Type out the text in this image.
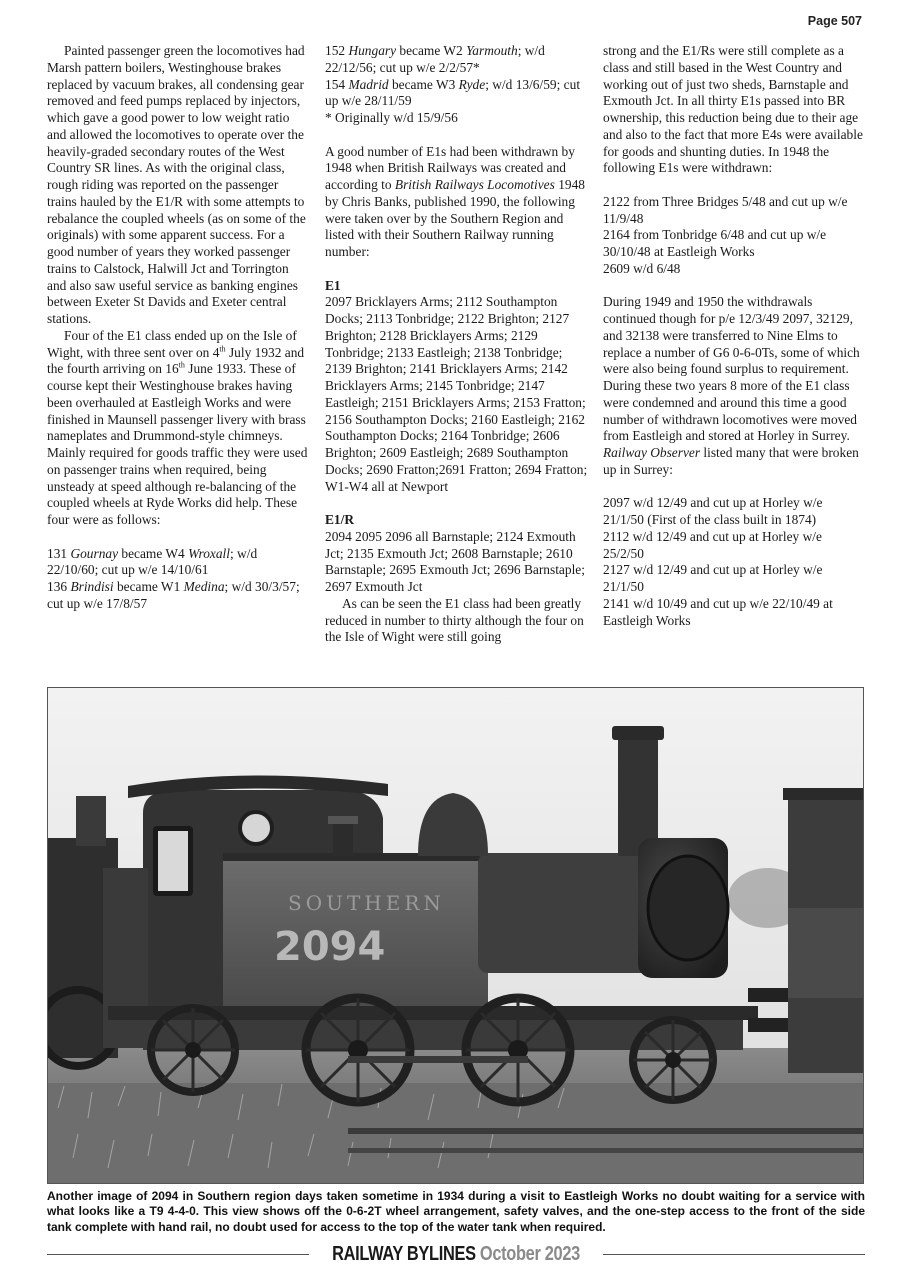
Page 507

Painted passenger green the locomotives had Marsh pattern boilers, Westinghouse brakes replaced by vacuum brakes, all condensing gear removed and feed pumps replaced by injectors, which gave a good power to low weight ratio and allowed the locomotives to operate over the heavily-graded secondary routes of the West Country SR lines. As with the original class, rough riding was reported on the passenger trains hauled by the E1/R with some attempts to rebalance the coupled wheels (as on some of the originals) with some apparent success. For a good number of years they worked passenger trains to Calstock, Halwill Jct and Torrington and also saw useful service as banking engines between Exeter St Davids and Exeter central stations.

Four of the E1 class ended up on the Isle of Wight, with three sent over on 4th July 1932 and the fourth arriving on 16th June 1933. These of course kept their Westinghouse brakes having been overhauled at Eastleigh Works and were finished in Maunsell passenger livery with brass nameplates and Drummond-style chimneys. Mainly required for goods traffic they were used on passenger trains when required, being unsteady at speed although re-balancing of the coupled wheels at Ryde Works did help. These four were as follows:

131 Gournay became W4 Wroxall; w/d 22/10/60; cut up w/e 14/10/61

136 Brindisi became W1 Medina; w/d 30/3/57; cut up w/e 17/8/57

152 Hungary became W2 Yarmouth; w/d 22/12/56; cut up w/e 2/2/57*

154 Madrid became W3 Ryde; w/d 13/6/59; cut up w/e 28/11/59

* Originally w/d 15/9/56

A good number of E1s had been withdrawn by 1948 when British Railways was created and according to British Railways Locomotives 1948 by Chris Banks, published 1990, the following were taken over by the Southern Region and listed with their Southern Railway running number:

E1

2097 Bricklayers Arms; 2112 Southampton Docks; 2113 Tonbridge; 2122 Brighton; 2127 Brighton; 2128 Bricklayers Arms; 2129 Tonbridge; 2133 Eastleigh; 2138 Tonbridge; 2139 Brighton; 2141 Bricklayers Arms; 2142 Bricklayers Arms; 2145 Tonbridge; 2147 Eastleigh; 2151 Bricklayers Arms; 2153 Fratton; 2156 Southampton Docks; 2160 Eastleigh; 2162 Southampton Docks; 2164 Tonbridge; 2606 Brighton; 2609 Eastleigh; 2689 Southampton Docks; 2690 Fratton;2691 Fratton; 2694 Fratton; W1-W4 all at Newport

E1/R

2094 2095 2096 all Barnstaple; 2124 Exmouth Jct; 2135 Exmouth Jct; 2608 Barnstaple; 2610 Barnstaple; 2695 Exmouth Jct; 2696 Barnstaple; 2697 Exmouth Jct

As can be seen the E1 class had been greatly reduced in number to thirty although the four on the Isle of Wight were still going

strong and the E1/Rs were still complete as a class and still based in the West Country and working out of just two sheds, Barnstaple and Exmouth Jct. In all thirty E1s passed into BR ownership, this reduction being due to their age and also to the fact that more E4s were available for goods and shunting duties. In 1948 the following E1s were withdrawn:

2122 from Three Bridges 5/48 and cut up w/e 11/9/48

2164 from Tonbridge 6/48 and cut up w/e 30/10/48 at Eastleigh Works

2609 w/d 6/48

During 1949 and 1950 the withdrawals continued though for p/e 12/3/49 2097, 32129, and 32138 were transferred to Nine Elms to replace a number of G6 0-6-0Ts, some of which were also being found surplus to requirement. During these two years 8 more of the E1 class were condemned and around this time a good number of withdrawn locomotives were moved from Eastleigh and stored at Horley in Surrey. Railway Observer listed many that were broken up in Surrey:

2097 w/d 12/49 and cut up at Horley w/e 21/1/50 (First of the class built in 1874)

2112 w/d 12/49 and cut up at Horley w/e 25/2/50

2127 w/d 12/49 and cut up at Horley w/e 21/1/50

2141 w/d 10/49 and cut up w/e 22/10/49 at Eastleigh Works

SOUTHERN
2094
Another image of 2094 in Southern region days taken sometime in 1934 during a visit to Eastleigh Works no doubt waiting for a service with what looks like a T9 4-4-0. This view shows off the 0-6-2T wheel arrangement, safety valves, and the one-step access to the front of the side tank complete with hand rail, no doubt used for access to the top of the water tank when required.
RAILWAY BYLINES October 2023
